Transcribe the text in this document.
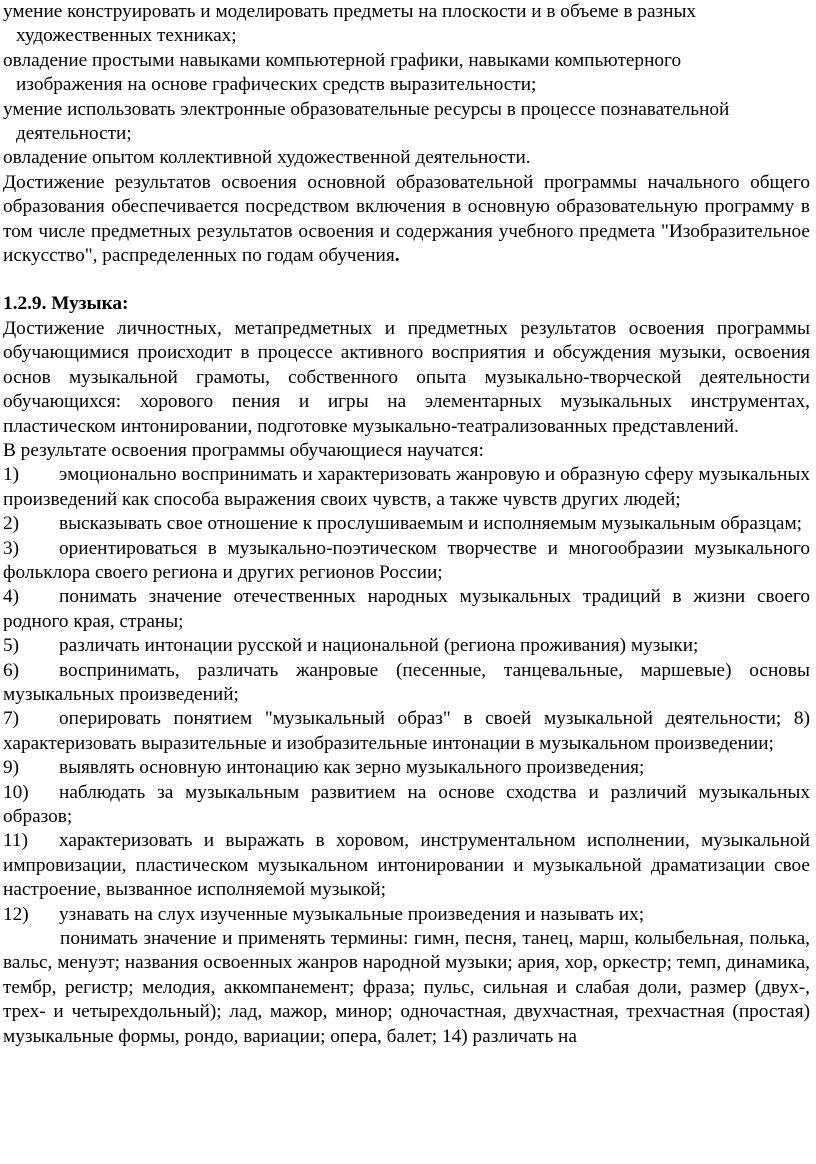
умение конструировать и моделировать предметы на плоскости и в объеме в разных
художественных техниках;

овладение простыми навыками компьютерной графики, навыками компьютерного
изображения на основе графических средств выразительности;

умение использовать электронные образовательные ресурсы в процессе познавательной
деятельности;

овладение опытом коллективной художественной деятельности.

Достижение результатов освоения основной образовательной программы начального общего образования обеспечивается посредством включения в основную образовательную программу в том числе предметных результатов освоения и содержания учебного предмета "Изобразительное искусство", распределенных по годам обучения.

1.2.9. Музыка:

Достижение личностных, метапредметных и предметных результатов освоения программы обучающимися происходит в процессе активного восприятия и обсуждения музыки, освоения основ музыкальной грамоты, собственного опыта музыкально-творческой деятельности обучающихся: хорового пения и игры на элементарных музыкальных инструментах, пластическом интонировании, подготовке музыкально-театрализованных представлений.

В результате освоения программы обучающиеся научатся:

1) эмоционально воспринимать и характеризовать жанровую и образную сферу музыкальных произведений как способа выражения своих чувств, а также чувств других людей;

2) высказывать свое отношение к прослушиваемым и исполняемым музыкальным образцам;

3) ориентироваться в музыкально-поэтическом творчестве и многообразии музыкального фольклора своего региона и других регионов России;

4) понимать значение отечественных народных музыкальных традиций в жизни своего родного края, страны;

5) различать интонации русской и национальной (региона проживания) музыки;

6) воспринимать, различать жанровые (песенные, танцевальные, маршевые) основы музыкальных произведений;

7) оперировать понятием "музыкальный образ" в своей музыкальной деятельности; 8) характеризовать выразительные и изобразительные интонации в музыкальном произведении;

9) выявлять основную интонацию как зерно музыкального произведения;

10) наблюдать за музыкальным развитием на основе сходства и различий музыкальных образов;

11) характеризовать и выражать в хоровом, инструментальном исполнении, музыкальной импровизации, пластическом музыкальном интонировании и музыкальной драматизации свое настроение, вызванное исполняемой музыкой;

12) узнавать на слух изученные музыкальные произведения и называть их;

понимать значение и применять термины: гимн, песня, танец, марш, колыбельная, полька, вальс, менуэт; названия освоенных жанров народной музыки; ария, хор, оркестр; темп, динамика, тембр, регистр; мелодия, аккомпанемент; фраза; пульс, сильная и слабая доли, размер (двух-, трех- и четырехдольный); лад, мажор, минор; одночастная, двухчастная, трехчастная (простая) музыкальные формы, рондо, вариации; опера, балет; 14) различать на
